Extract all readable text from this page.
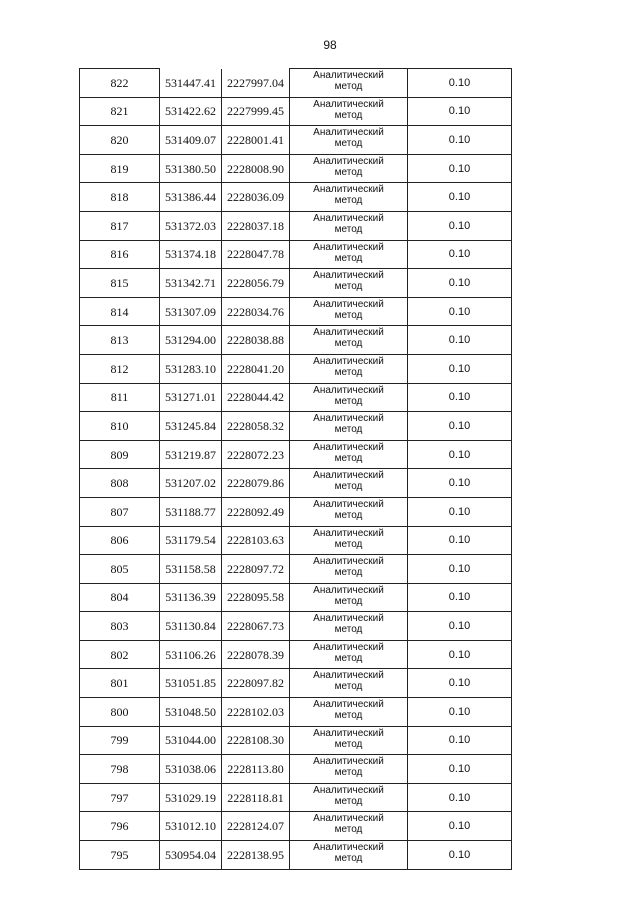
98
822	531447.41	2227997.04	Аналитический
метод	0.10
821	531422.62	2227999.45	Аналитический
метод	0.10
820	531409.07	2228001.41	Аналитический
метод	0.10
819	531380.50	2228008.90	Аналитический
метод	0.10
818	531386.44	2228036.09	Аналитический
метод	0.10
817	531372.03	2228037.18	Аналитический
метод	0.10
816	531374.18	2228047.78	Аналитический
метод	0.10
815	531342.71	2228056.79	Аналитический
метод	0.10
814	531307.09	2228034.76	Аналитический
метод	0.10
813	531294.00	2228038.88	Аналитический
метод	0.10
812	531283.10	2228041.20	Аналитический
метод	0.10
811	531271.01	2228044.42	Аналитический
метод	0.10
810	531245.84	2228058.32	Аналитический
метод	0.10
809	531219.87	2228072.23	Аналитический
метод	0.10
808	531207.02	2228079.86	Аналитический
метод	0.10
807	531188.77	2228092.49	Аналитический
метод	0.10
806	531179.54	2228103.63	Аналитический
метод	0.10
805	531158.58	2228097.72	Аналитический
метод	0.10
804	531136.39	2228095.58	Аналитический
метод	0.10
803	531130.84	2228067.73	Аналитический
метод	0.10
802	531106.26	2228078.39	Аналитический
метод	0.10
801	531051.85	2228097.82	Аналитический
метод	0.10
800	531048.50	2228102.03	Аналитический
метод	0.10
799	531044.00	2228108.30	Аналитический
метод	0.10
798	531038.06	2228113.80	Аналитический
метод	0.10
797	531029.19	2228118.81	Аналитический
метод	0.10
796	531012.10	2228124.07	Аналитический
метод	0.10
795	530954.04	2228138.95	Аналитический
метод	0.10
